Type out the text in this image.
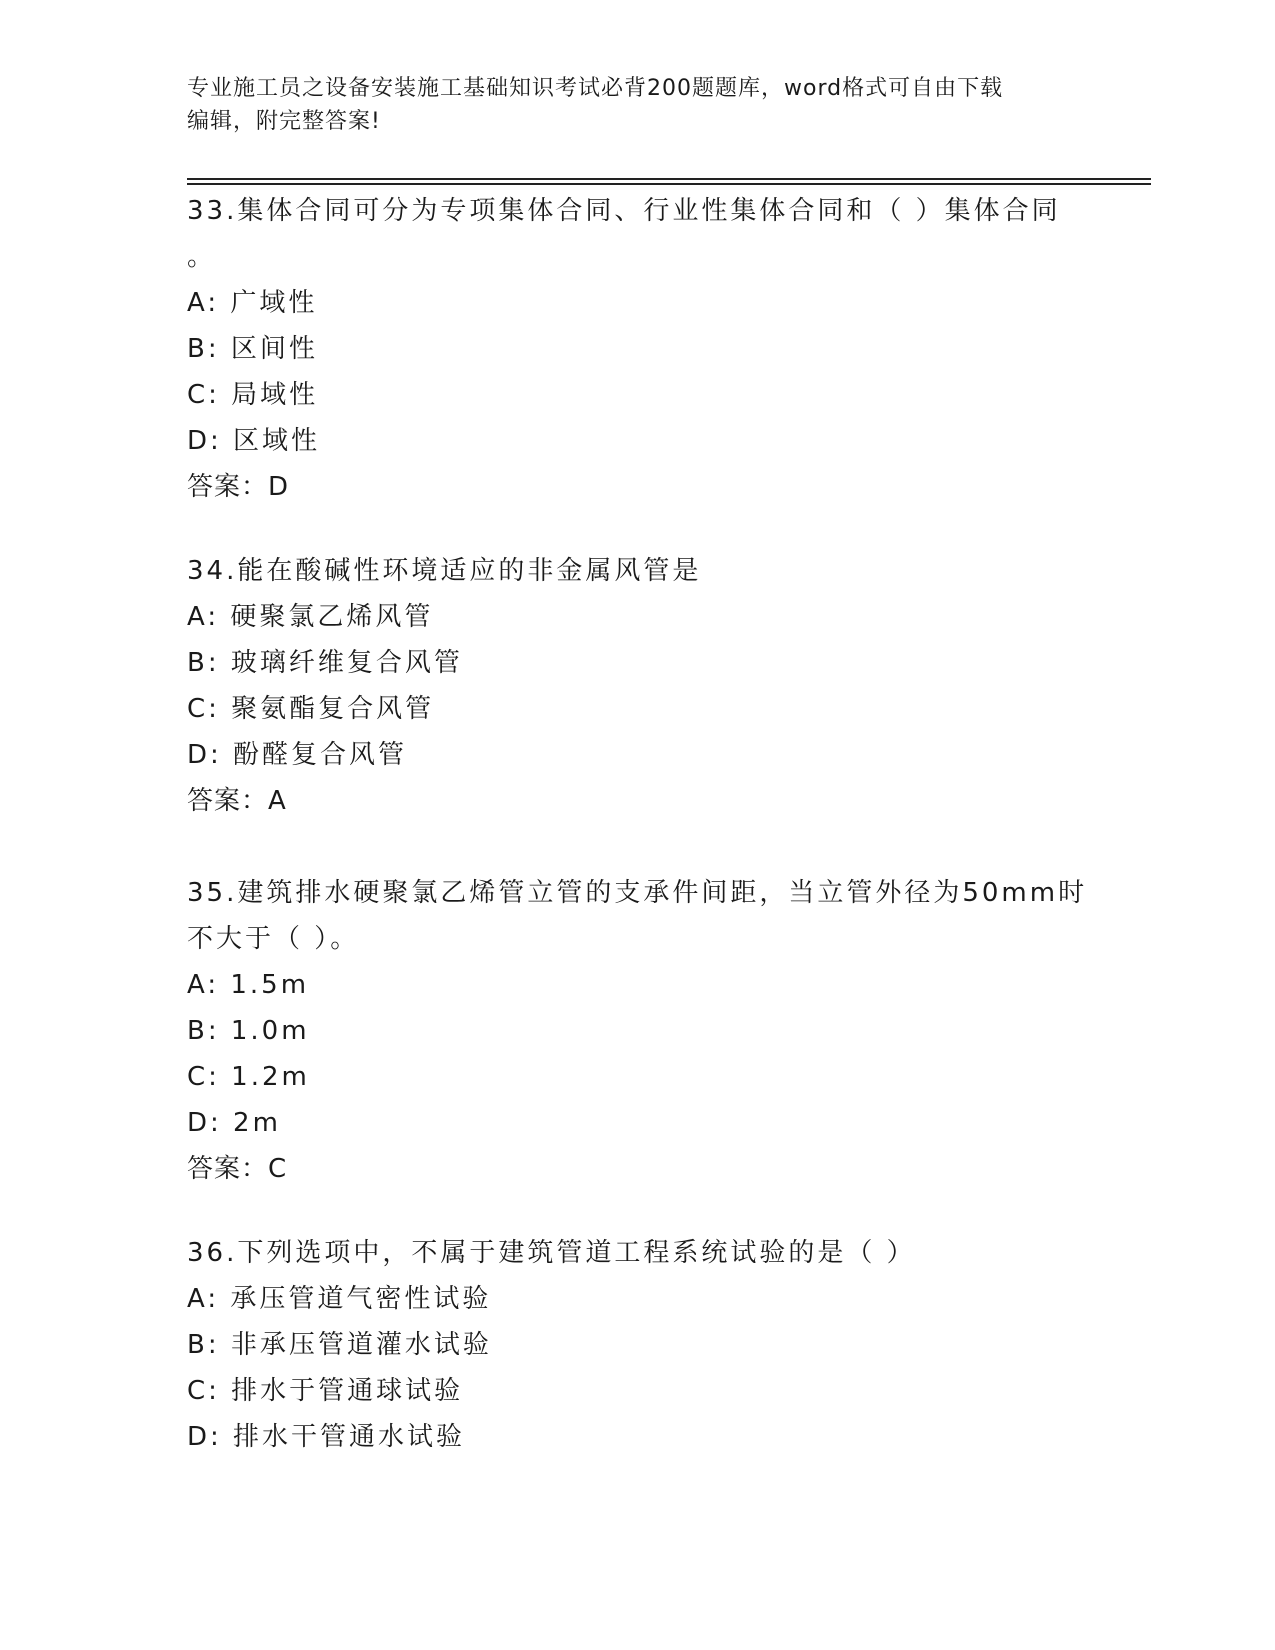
专业施工员之设备安装施工基础知识考试必背200题题库，word格式可自由下载
编辑，附完整答案!
33.集体合同可分为专项集体合同、行业性集体合同和（ ）集体合同
。
A: 广域性
B: 区间性
C: 局域性
D: 区域性
答案：D
34.能在酸碱性环境适应的非金属风管是
A: 硬聚氯乙烯风管
B: 玻璃纤维复合风管
C: 聚氨酯复合风管
D: 酚醛复合风管
答案：A
35.建筑排水硬聚氯乙烯管立管的支承件间距，当立管外径为50mm时
不大于（ ）。
A: 1.5m
B: 1.0m
C: 1.2m
D: 2m
答案：C
36.下列选项中，不属于建筑管道工程系统试验的是（ ）
A: 承压管道气密性试验
B: 非承压管道灌水试验
C: 排水于管通球试验
D: 排水干管通水试验
